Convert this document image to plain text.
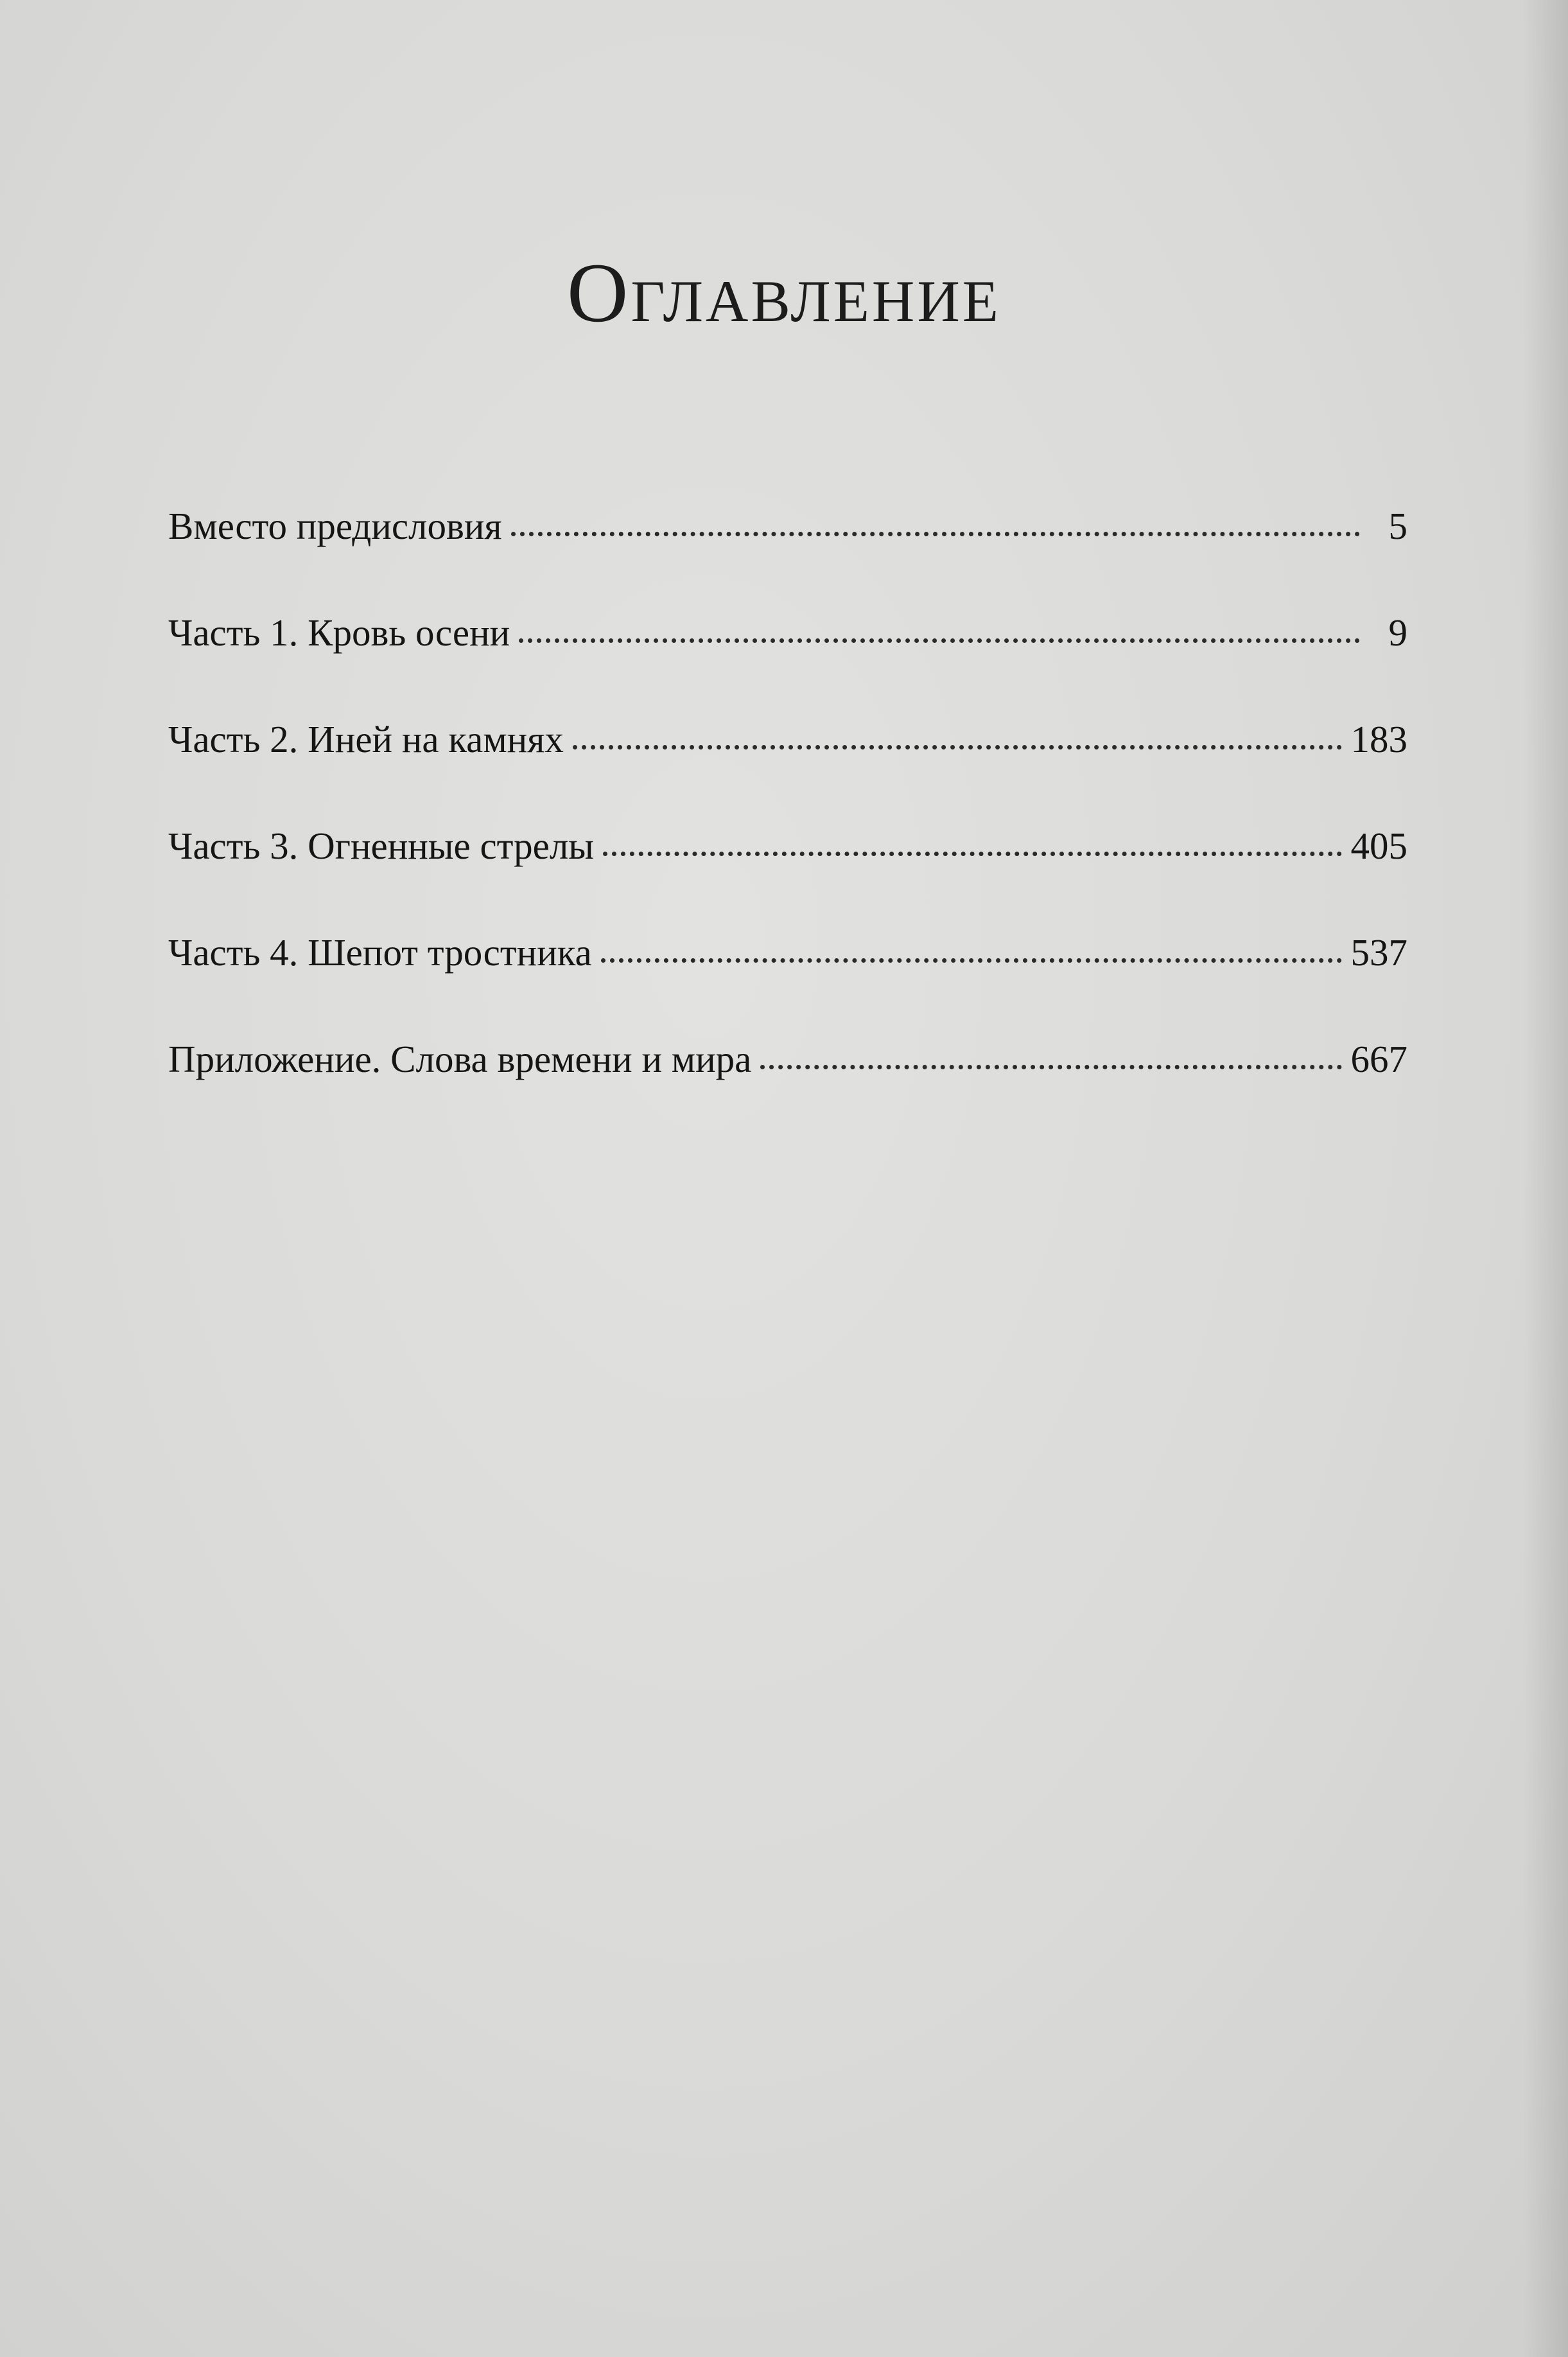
Оглавление
Вместо предисловия	5
Часть 1. Кровь осени	9
Часть 2. Иней на камнях	183
Часть 3. Огненные стрелы	405
Часть 4. Шепот тростника	537
Приложение. Слова времени и мира	667
